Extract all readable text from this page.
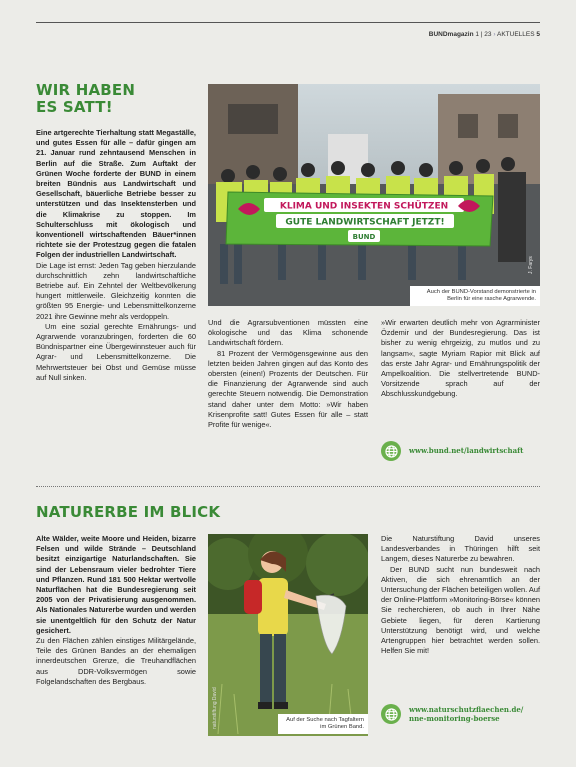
BUNDmagazin 1 | 23 › AKTUELLES 5
WIR HABEN
ES SATT!

Eine artgerechte Tierhaltung statt Megaställe, und gutes Essen für alle – dafür gingen am 21. Januar rund zehntausend Menschen in Berlin auf die Straße. Zum Auftakt der Grünen Woche forderte der BUND in einem breiten Bündnis aus Landwirtschaft und Gesellschaft, bäuerliche Betriebe besser zu unterstützen und das Insektensterben und die Klimakrise zu stoppen. Im Schulterschluss mit ökologisch und konventionell wirtschaftenden Bäuer*innen richtete sie der Protestzug gegen die fatalen Folgen der industriellen Landwirtschaft.

Die Lage ist ernst: Jeden Tag geben hierzulande durchschnittlich zehn landwirtschaftliche Betriebe auf. Ein Zehntel der Weltbevölkerung hungert mittlerweile. Gleichzeitig konnten die größten 95 Energie- und Lebensmittelkonzerne 2021 ihre Gewinne mehr als verdoppeln.

Um eine sozial gerechte Ernährungs- und Agrarwende voranzubringen, forderten die 60 Bündnispartner eine Übergewinnsteuer auch für Agrar- und Lebensmittelkonzerne. Die Mehrwertsteuer bei Obst und Gemüse müsse auf Null sinken.

KLIMA UND INSEKTEN SCHÜTZEN
GUTE LANDWIRTSCHAFT JETZT!
BUND
J. Farys
Auch der BUND-Vorstand demonstrierte in Berlin für eine rasche Agrarwende.

Und die Agrarsubventionen müssten eine ökologische und das Klima schonende Landwirtschaft fördern.

81 Prozent der Vermögensgewinne aus den letzten beiden Jahren gingen auf das Konto des obersten (einen!) Prozents der Deutschen. Für die Finanzierung der Agrarwende sind auch gerechte Steuern notwendig. Die Demonstration stand daher unter dem Motto: »Wir haben Krisenprofite satt! Gutes Essen für alle – statt Profite für wenige«.

»Wir erwarten deutlich mehr von Agrarminister Özdemir und der Bundesregierung. Das ist bisher zu wenig ehrgeizig, zu mutlos und zu langsam«, sagte Myriam Rapior mit Blick auf das erste Jahr Agrar- und Ernährungspolitik der Ampelkoalition. Die stellvertretende BUND-Vorsitzende sprach auf der Abschlusskundgebung.

www.bund.net/landwirtschaft
NATURERBE IM BLICK

Alte Wälder, weite Moore und Heiden, bizarre Felsen und wilde Strände – Deutschland besitzt einzigartige Naturlandschaften. Sie sind der Lebensraum vieler bedrohter Tiere und Pflanzen. Rund 181 500 Hektar wertvolle Naturflächen hat die Bundesregierung seit 2005 von der Privatisierung ausgenommen. Als Nationales Naturerbe wurden und werden sie unentgeltlich für den Schutz der Natur gesichert.

Zu den Flächen zählen einstiges Militärgelände, Teile des Grünen Bandes an der ehemaligen innerdeutschen Grenze, die Treuhandflächen aus DDR-Volksvermögen sowie Folgelandschaften des Bergbaus.

naturstiftung David	Auf der Suche nach Tagfaltern im Grünen Band.

Die Naturstiftung David unseres Landesverbandes in Thüringen hilft seit Langem, dieses Naturerbe zu bewahren.

Der BUND sucht nun bundesweit nach Aktiven, die sich ehrenamtlich an der Untersuchung der Flächen beteiligen wollen. Auf der Online-Plattform »Monitoring-Börse« können Sie recherchieren, ob auch in Ihrer Nähe Gebiete liegen, für deren Kartierung Unterstützung benötigt wird, und welche Artengruppen hier betrachtet werden sollen. Helfen Sie mit!

www.naturschutzflaechen.de/
nne-monitoring-boerse
